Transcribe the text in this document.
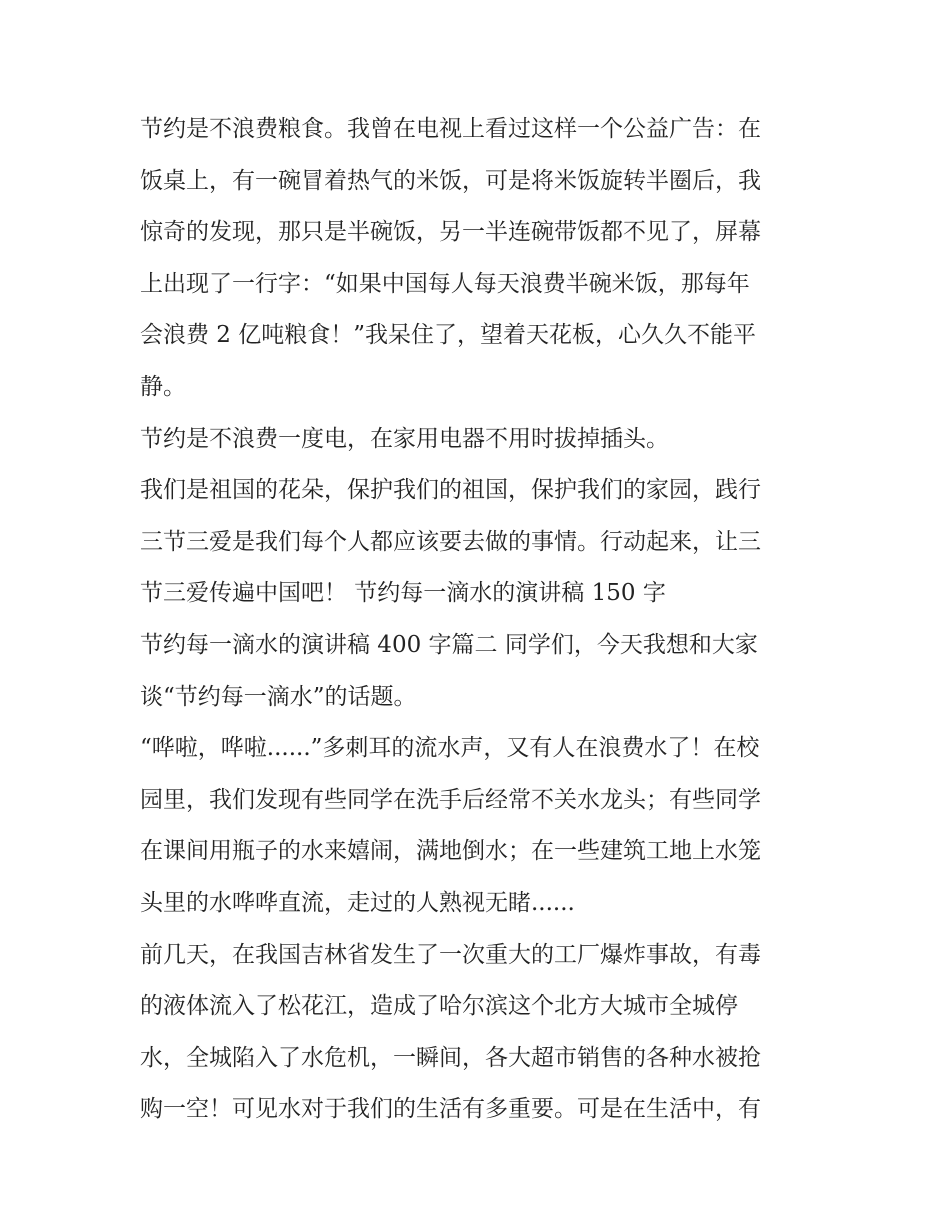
节约是不浪费粮食。我曾在电视上看过这样一个公益广告：在
饭桌上，有一碗冒着热气的米饭，可是将米饭旋转半圈后，我
惊奇的发现，那只是半碗饭，另一半连碗带饭都不见了，屏幕
上出现了一行字：“如果中国每人每天浪费半碗米饭，那每年
会浪费 2 亿吨粮食！”我呆住了，望着天花板，心久久不能平
静。
节约是不浪费一度电，在家用电器不用时拔掉插头。
我们是祖国的花朵，保护我们的祖国，保护我们的家园，践行
三节三爱是我们每个人都应该要去做的事情。行动起来，让三
节三爱传遍中国吧！ 节约每一滴水的演讲稿 150 字
节约每一滴水的演讲稿 400 字篇二 同学们，今天我想和大家
谈“节约每一滴水”的话题。
“哗啦，哗啦......”多刺耳的流水声，又有人在浪费水了！在校
园里，我们发现有些同学在洗手后经常不关水龙头；有些同学
在课间用瓶子的水来嬉闹，满地倒水；在一些建筑工地上水笼
头里的水哗哗直流，走过的人熟视无睹......
前几天，在我国吉林省发生了一次重大的工厂爆炸事故，有毒
的液体流入了松花江，造成了哈尔滨这个北方大城市全城停
水，全城陷入了水危机，一瞬间，各大超市销售的各种水被抢
购一空！可见水对于我们的生活有多重要。可是在生活中，有
